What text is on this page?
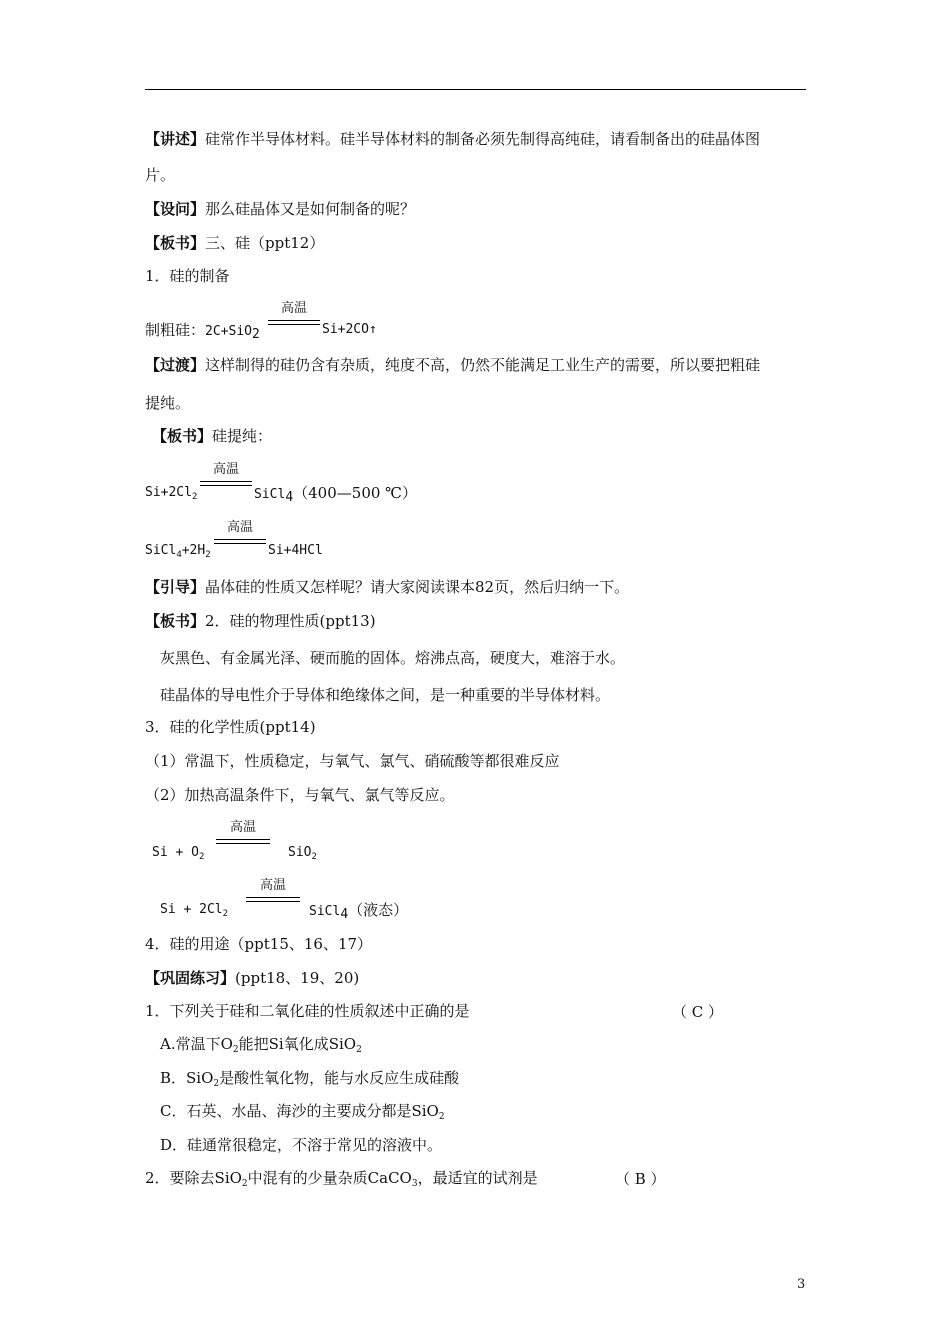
【讲述】硅常作半导体材料。硅半导体材料的制备必须先制得高纯硅，请看制备出的硅晶体图
片。
【设问】那么硅晶体又是如何制备的呢？
【板书】三、硅（ppt12）
1．硅的制备
高温
制粗硅：2C+SiO$_2$	Si+2CO↑
【过渡】这样制得的硅仍含有杂质，纯度不高，仍然不能满足工业生产的需要，所以要把粗硅
提纯。
【板书】硅提纯：
高温
$Si+2Cl_2$	SiCl$_4$（400—500 ℃）
高温
$SiCl_4+2H_2$	Si+4HCl
【引导】晶体硅的性质又怎样呢？请大家阅读课本82页，然后归纳一下。
【板书】2．硅的物理性质(ppt13)
灰黑色、有金属光泽、硬而脆的固体。熔沸点高，硬度大，难溶于水。
硅晶体的导电性介于导体和绝缘体之间，是一种重要的半导体材料。
3．硅的化学性质(ppt14)
（1）常温下，性质稳定，与氧气、氯气、硝硫酸等都很难反应
（2）加热高温条件下，与氧气、氯气等反应。
高温
$Si + O_2$	SiO$_2$
高温
$Si + 2Cl_2$	SiCl$_4$（液态）
4．硅的用途（ppt15、16、17）
【巩固练习】(ppt18、19、20)
1．下列关于硅和二氧化硅的性质叙述中正确的是	（ C ）
A.常温下$O_2$能把Si氧化成SiO$_2$
B．SiO$_2$是酸性氧化物，能与水反应生成硅酸
C．石英、水晶、海沙的主要成分都是SiO$_2$
D．硅通常很稳定，不溶于常见的溶液中。
2．要除去SiO$_2$中混有的少量杂质CaCO$_3$，最适宜的试剂是	（ B ）
3
